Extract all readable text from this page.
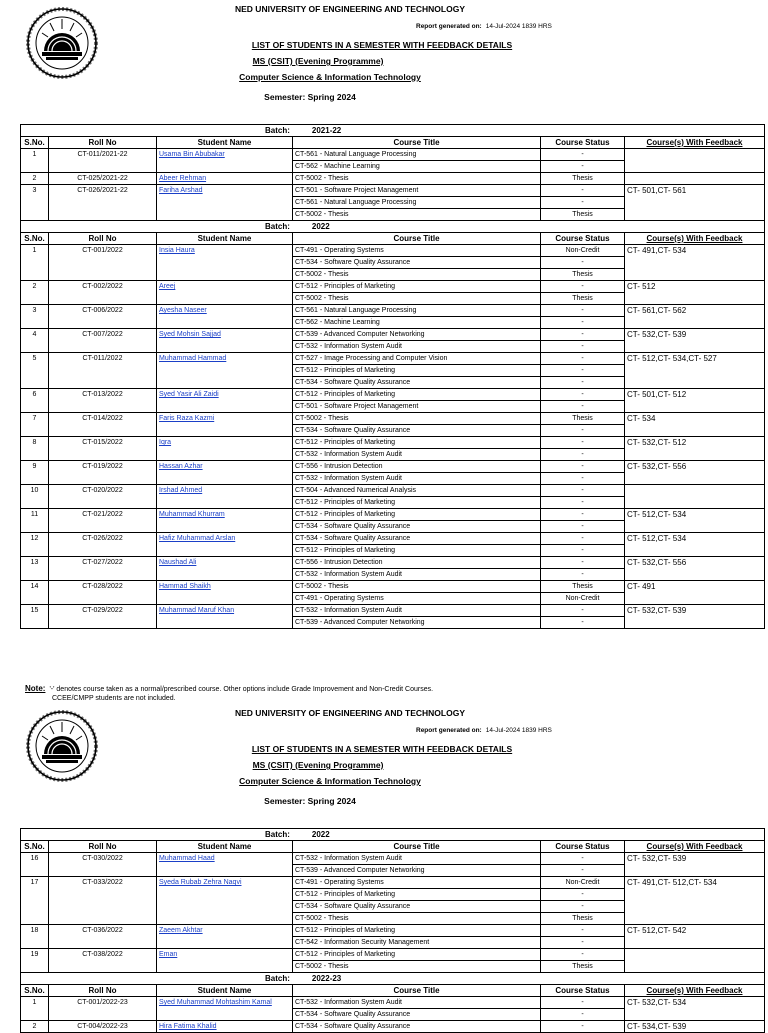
NED UNIVERSITY OF ENGINEERING AND TECHNOLOGY
Report generated on: 14-Jul-2024 1839 HRS
LIST OF STUDENTS IN A SEMESTER WITH FEEDBACK DETAILS
MS (CSIT) (Evening Programme)
Computer Science & Information Technology
Semester: Spring 2024
Batch: 2021-22					
S.No.	Roll No	Student Name	Course Title	Course Status	Course(s) With Feedback
1	CT-011/2021-22	Usama Bin Abubakar	CT-561 - Natural Language Processing	-	
			CT-562 - Machine Learning	-	
2	CT-025/2021-22	Abeer Rehman	CT-5002 - Thesis	Thesis	
3	CT-026/2021-22	Fariha Arshad	CT-501 - Software Project Management	-	CT- 501,CT- 561
			CT-561 - Natural Language Processing	-	
			CT-5002 - Thesis	Thesis	
Batch: 2022					
S.No.	Roll No	Student Name	Course Title	Course Status	Course(s) With Feedback
1	CT-001/2022	Insia Haura	CT-491 - Operating Systems	Non-Credit	CT- 491,CT- 534
			CT-534 - Software Quality Assurance	-	
			CT-5002 - Thesis	Thesis	
2	CT-002/2022	Areej	CT-512 - Principles of Marketing	-	CT- 512
			CT-5002 - Thesis	Thesis	
3	CT-006/2022	Ayesha Naseer	CT-561 - Natural Language Processing	-	CT- 561,CT- 562
			CT-562 - Machine Learning	-	
4	CT-007/2022	Syed Mohsin Sajjad	CT-539 - Advanced Computer Networking	-	CT- 532,CT- 539
			CT-532 - Information System Audit	-	
5	CT-011/2022	Muhammad Hammad	CT-527 - Image Processing and Computer Vision	-	CT- 512,CT- 534,CT- 527
			CT-512 - Principles of Marketing	-	
			CT-534 - Software Quality Assurance	-	
6	CT-013/2022	Syed Yasir Ali Zaidi	CT-512 - Principles of Marketing	-	CT- 501,CT- 512
			CT-501 - Software Project Management	-	
7	CT-014/2022	Faris Raza Kazmi	CT-5002 - Thesis	Thesis	CT- 534
			CT-534 - Software Quality Assurance	-	
8	CT-015/2022	Iqra	CT-512 - Principles of Marketing	-	CT- 532,CT- 512
			CT-532 - Information System Audit	-	
9	CT-019/2022	Hassan Azhar	CT-556 - Intrusion Detection	-	CT- 532,CT- 556
			CT-532 - Information System Audit	-	
10	CT-020/2022	Irshad Ahmed	CT-504 - Advanced Numerical Analysis	-	
			CT-512 - Principles of Marketing	-	
11	CT-021/2022	Muhammad Khurram	CT-512 - Principles of Marketing	-	CT- 512,CT- 534
			CT-534 - Software Quality Assurance	-	
12	CT-026/2022	Hafiz Muhammad Arslan	CT-534 - Software Quality Assurance	-	CT- 512,CT- 534
			CT-512 - Principles of Marketing	-	
13	CT-027/2022	Naushad Ali	CT-556 - Intrusion Detection	-	CT- 532,CT- 556
			CT-532 - Information System Audit	-	
14	CT-028/2022	Hammad Shaikh	CT-5002 - Thesis	Thesis	CT- 491
			CT-491 - Operating Systems	Non-Credit	
15	CT-029/2022	Muhammad Maruf Khan	CT-532 - Information System Audit	-	CT- 532,CT- 539
			CT-539 - Advanced Computer Networking	-	
Note: '-' denotes course taken as a normal/prescribed course. Other options include Grade Improvement and Non-Credit Courses.
CCEE/CMPP students are not included.
NED UNIVERSITY OF ENGINEERING AND TECHNOLOGY
Report generated on: 14-Jul-2024 1839 HRS
LIST OF STUDENTS IN A SEMESTER WITH FEEDBACK DETAILS
MS (CSIT) (Evening Programme)
Computer Science & Information Technology
Semester: Spring 2024
Batch: 2022					
S.No.	Roll No	Student Name	Course Title	Course Status	Course(s) With Feedback
16	CT-030/2022	Muhammad Haad	CT-532 - Information System Audit	-	CT- 532,CT- 539
			CT-539 - Advanced Computer Networking	-	
17	CT-033/2022	Syeda Rubab Zehra Naqvi	CT-491 - Operating Systems	Non-Credit	CT- 491,CT- 512,CT- 534
			CT-512 - Principles of Marketing	-	
			CT-534 - Software Quality Assurance	-	
			CT-5002 - Thesis	Thesis	
18	CT-036/2022	Zaeem Akhtar	CT-512 - Principles of Marketing	-	CT- 512,CT- 542
			CT-542 - Information Security Management	-	
19	CT-038/2022	Eman	CT-512 - Principles of Marketing	-	
			CT-5002 - Thesis	Thesis	
Batch: 2022-23					
S.No.	Roll No	Student Name	Course Title	Course Status	Course(s) With Feedback
1	CT-001/2022-23	Syed Muhammad Mohtashim Kamal	CT-532 - Information System Audit	-	CT- 532,CT- 534
			CT-534 - Software Quality Assurance	-	
2	CT-004/2022-23	Hira Fatima Khalid	CT-534 - Software Quality Assurance	-	CT- 534,CT- 539
